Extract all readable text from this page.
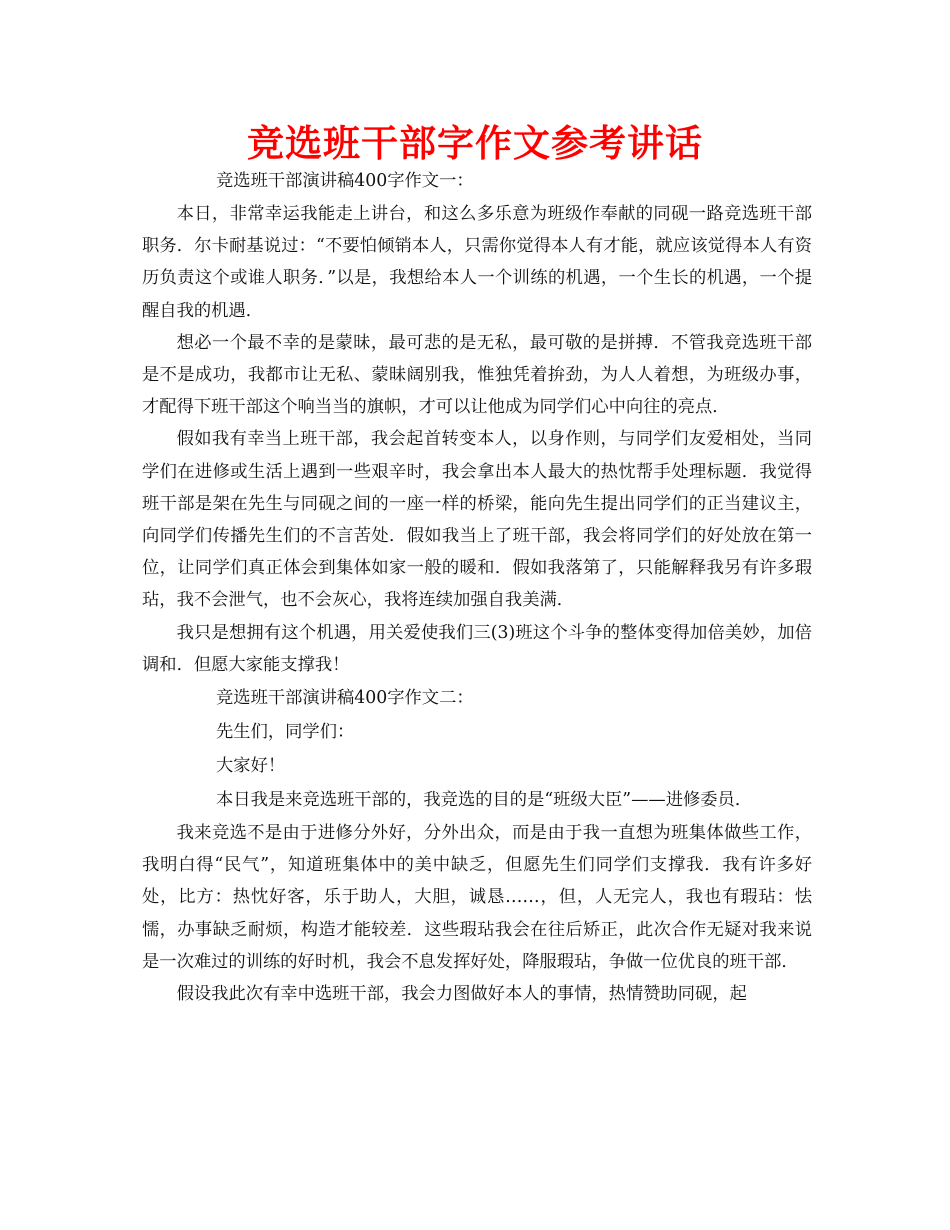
竞选班干部字作文参考讲话

竞选班干部演讲稿400字作文一：

本日，非常幸运我能走上讲台，和这么多乐意为班级作奉献的同砚一路竞选班干部职务．尔卡耐基说过：“不要怕倾销本人，只需你觉得本人有才能，就应该觉得本人有资历负责这个或谁人职务．”以是，我想给本人一个训练的机遇，一个生长的机遇，一个提醒自我的机遇．

想必一个最不幸的是蒙昧，最可悲的是无私，最可敬的是拼搏．不管我竞选班干部是不是成功，我都市让无私、蒙昧阔别我，惟独凭着拚劲，为人人着想，为班级办事，才配得下班干部这个响当当的旗帜，才可以让他成为同学们心中向往的亮点．

假如我有幸当上班干部，我会起首转变本人，以身作则，与同学们友爱相处，当同学们在进修或生活上遇到一些艰辛时，我会拿出本人最大的热忱帮手处理标题．我觉得班干部是架在先生与同砚之间的一座一样的桥梁，能向先生提出同学们的正当建议主，向同学们传播先生们的不言苦处．假如我当上了班干部，我会将同学们的好处放在第一位，让同学们真正体会到集体如家一般的暖和．假如我落第了，只能解释我另有许多瑕玷，我不会泄气，也不会灰心，我将连续加强自我美满．

我只是想拥有这个机遇，用关爱使我们三(3)班这个斗争的整体变得加倍美妙，加倍调和．但愿大家能支撑我！

竞选班干部演讲稿400字作文二：

先生们，同学们：

大家好！

本日我是来竞选班干部的，我竞选的目的是“班级大臣”——进修委员．

我来竞选不是由于进修分外好，分外出众，而是由于我一直想为班集体做些工作，我明白得“民气”，知道班集体中的美中缺乏，但愿先生们同学们支撑我．我有许多好处，比方：热忱好客，乐于助人，大胆，诚恳……，但，人无完人，我也有瑕玷：怯懦，办事缺乏耐烦，构造才能较差．这些瑕玷我会在往后矫正，此次合作无疑对我来说是一次难过的训练的好时机，我会不息发挥好处，降服瑕玷，争做一位优良的班干部．

假设我此次有幸中选班干部，我会力图做好本人的事情，热情赞助同砚，起
